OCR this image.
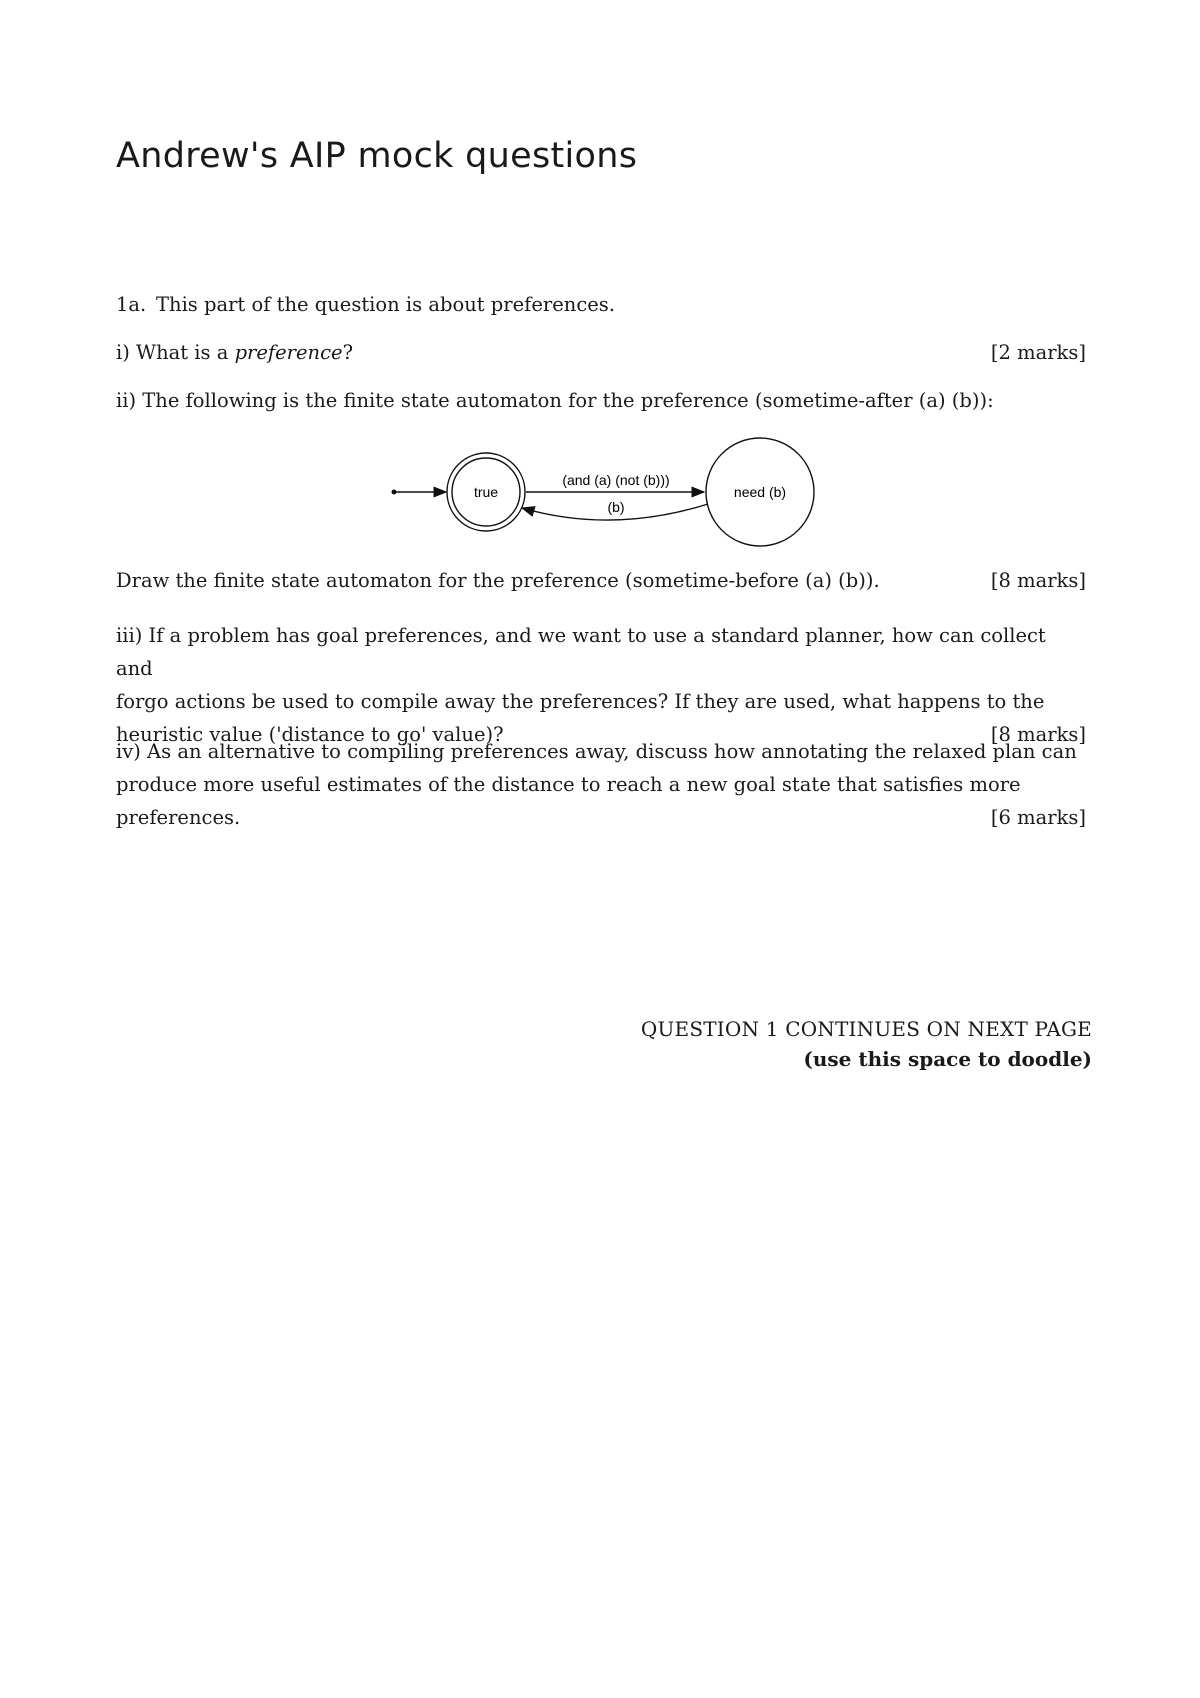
Andrew's AIP mock questions

1a. This part of the question is about preferences.

i) What is a preference?	[2 marks]

ii) The following is the finite state automaton for the preference (sometime-after (a) (b)):

true	need (b)
(and (a) (not (b)))
(b)
Draw the finite state automaton for the preference (sometime-before (a) (b)).	[8 marks]
iii) If a problem has goal preferences, and we want to use a standard planner, how can collect and
forgo actions be used to compile away the preferences? If they are used, what happens to the
heuristic value ('distance to go' value)?	[8 marks]
iv) As an alternative to compiling preferences away, discuss how annotating the relaxed plan can
produce more useful estimates of the distance to reach a new goal state that satisfies more
preferences.	[6 marks]
QUESTION 1 CONTINUES ON NEXT PAGE
(use this space to doodle)
